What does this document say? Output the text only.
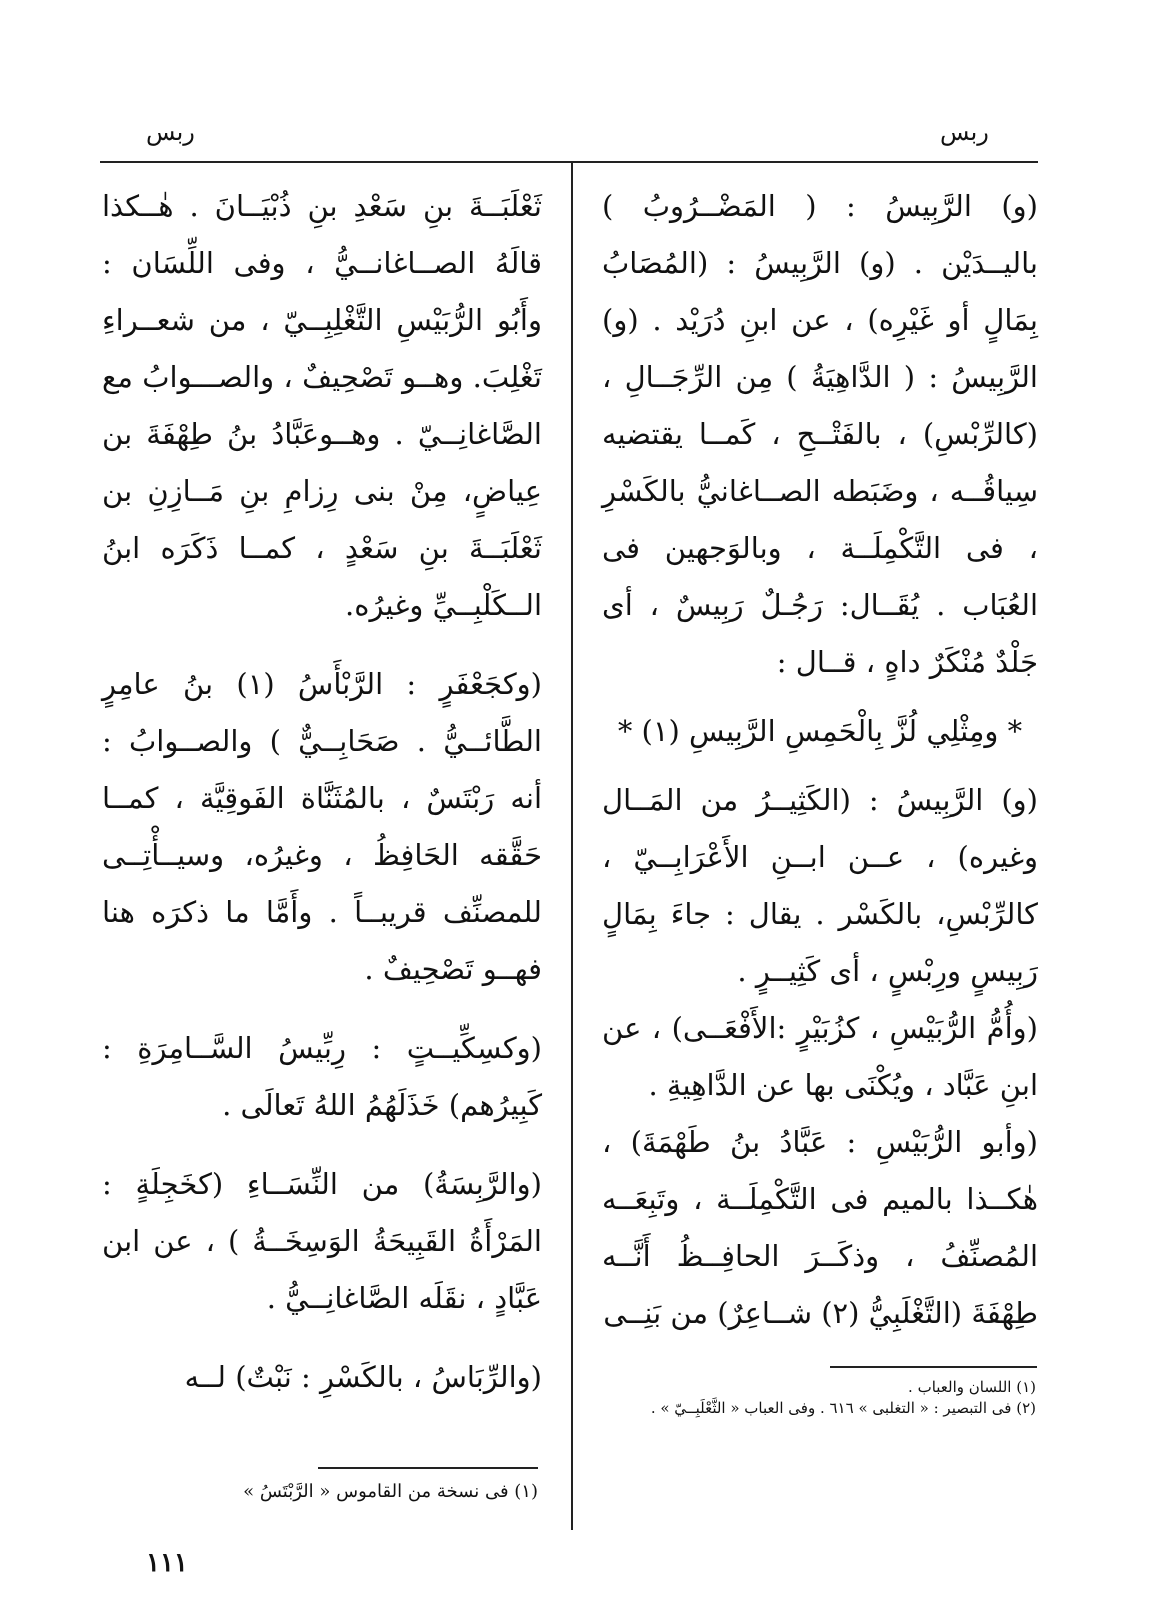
ربس
ربس

(و) الرَّبِيسُ : ( المَضْــرُوبُ ) باليــدَيْن . (و) الرَّبِيسُ : (المُصَابُ بِمَالٍ أو غَيْرِه) ، عن ابنِ دُرَيْد . (و) الرَّبِيسُ : ( الدَّاهِيَةُ ) مِن الرِّجَــالِ ، (كالرِّبْسِ) ، بالفَتْــحِ ، كَمــا يقتضيه سِياقُــه ، وضَبَطه الصــاغانيُّ بالكَسْرِ ، فى التَّكْمِلَــة ، وبالوَجهين فى العُبَاب . يُقَــال: رَجُـلٌ رَبِيسٌ ، أى جَلْدٌ مُنْكَرٌ داهٍ ، قــال :

* ومِثْلِي لُزَّ بِالْحَمِسِ الرَّبِيسِ (١) *

(و) الرَّبِيسُ : (الكَثِيــرُ من المَــال وغيره) ، عــن ابــنِ الأَعْرَابِــيّ ، كالرِّبْسِ، بالكَسْر . يقال : جاءَ بِمَالٍ رَبِيسٍ ورِبْسٍ ، أى كَثِيــرٍ .

(وأُمُّ الرُّبَيْسِ ، كزُبَيْرٍ :الأَفْعَــى) ، عن ابنِ عَبَّاد ، ويُكْنَى بها عن الدَّاهِيةِ .

(وأبو الرُّبَيْسِ : عَبَّادُ بنُ طَهْمَةَ) ، هٰكــذا بالميم فى التَّكْمِلَــة ، وتَبِعَــه المُصنِّفُ ، وذكَــرَ الحافِــظُ أَنَّــه طِهْفَةَ (التَّغْلَبِيُّ (٢) شــاعِرٌ) من بَنِــى

ثَعْلَبَــةَ بنِ سَعْدِ بنِ ذُبْيَــانَ . هٰــكذا قالَهُ الصــاغانــيُّ ، وفى اللِّسَان : وأَبُو الرُّبَيْسِ التَّغْلِبِــيّ ، من شعــراءِ تَغْلِبَ. وهــو تَصْحِيفٌ ، والصـــوابُ مع الصَّاغانِــيّ . وهــوعَبَّادُ بنُ طِهْفَةَ بن عِياضٍ، مِنْ بنى رِزامِ بنِ مَــازِنِ بن ثَعْلَبَــةَ بنِ سَعْدٍ ، كمــا ذَكَرَه ابنُ الــكَلْبِــيِّ وغيرُه.

(وكجَعْفَرٍ : الرَّبْأَسُ (١) بنُ عامِرٍ الطَّائــيُّ . صَحَابِــيٌّ ) والصــوابُ : أنه رَبْتَسٌ ، بالمُثَنَّاة الفَوقِيَّة ، كمــا حَقَّقه الحَافِظُ ، وغيرُه، وسيــأْتِــى للمصنِّف قريبــاً . وأَمَّا ما ذكرَه هنا فهــو تَصْحِيفٌ .

(وكسِكِّيــتٍ : رِبِّيسُ السَّــامِرَةِ : كَبِيرُهم) خَذَلَهُمُ اللهُ تَعالَى .

(والرَّبِسَةُ) من النِّسَــاءِ (كخَجِلَةٍ : المَرْأَةُ القَبِيحَةُ الوَسِخَــةُ ) ، عن ابن عَبَّادٍ ، نقَلَه الصَّاغانِــيُّ .

(والرِّبَاسُ ، بالكَسْرِ : نَبْتٌ) لــه	(١) اللسان والعباب .
(٢) فى التبصير : « التغلبى » ٦١٦ . وفى العباب « الثَّعْلَبِــيّ » .
(١) فى نسخة من القاموس « الرَّبْتَسُ »
١١١
